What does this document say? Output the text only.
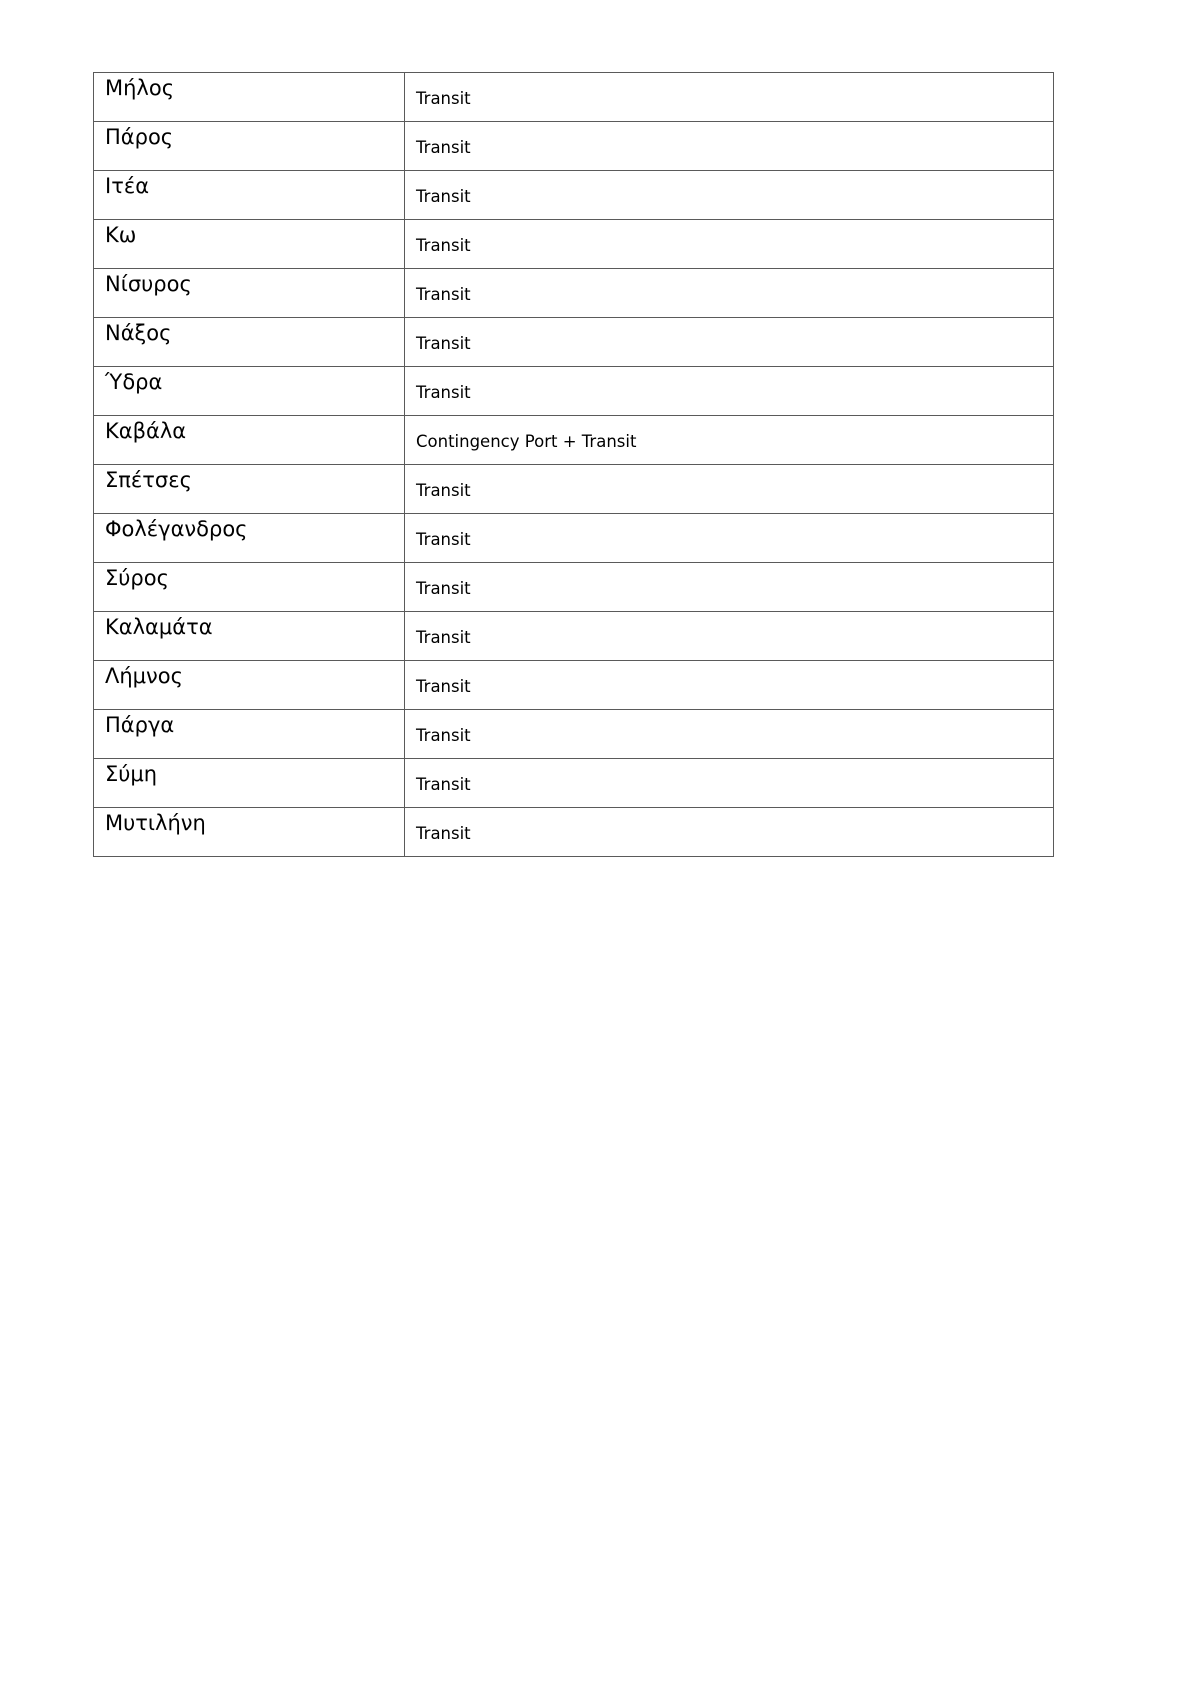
Μήλος	Transit
Πάρος	Transit
Ιτέα	Transit
Κω	Transit
Νίσυρος	Transit
Νάξος	Transit
Ύδρα	Transit
Καβάλα	Contingency Port + Transit
Σπέτσες	Transit
Φολέγανδρος	Transit
Σύρος	Transit
Καλαμάτα	Transit
Λήμνος	Transit
Πάργα	Transit
Σύμη	Transit
Μυτιλήνη	Transit
